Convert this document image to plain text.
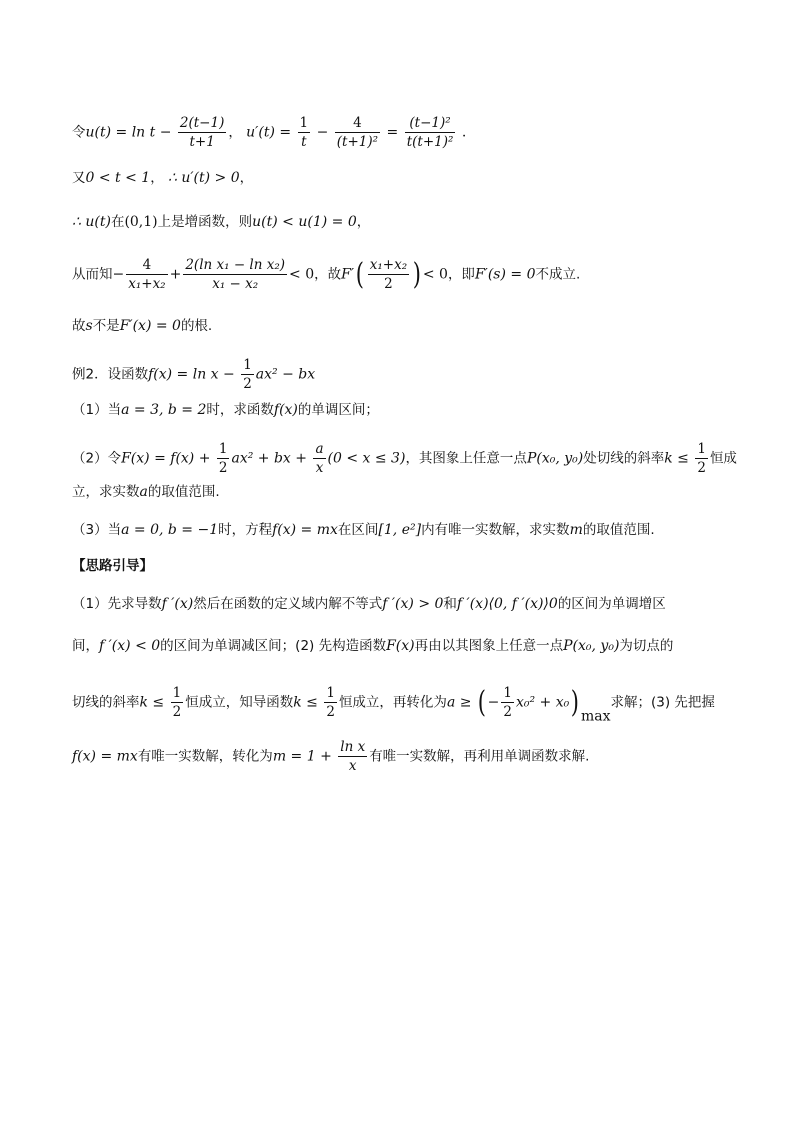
令$u(t) = \ln t - \frac{2(t-1)}{t+1}$ ， $u'(t) = \frac{1}{t} - \frac{4}{\text{(t+1)²}} = \frac{\text{(t−1)²}}{\text{t(t+1)²}}$ .
又0 < t < 1， ∴ u′(t) > 0，
∴ u(t)在(0,1)上是增函数，则u(t) < u(1) = 0，
从而知− $\frac{4}{\text{x₁+x₂}} + \frac{\text{2(ln x₁ − ln x₂)}}{\text{x₁ − x₂}} < 0$，故$F'( \frac{\text{x₁+x₂}}{2}$ ) < 0，即F′(s) = 0不成立.
故s不是F′(x) = 0的根.
例2．设函数$f(x) = \ln x - \frac{1}{2} ax^2$ − bx
（1）当a = 3, b = 2时，求函数f(x)的单调区间；
（2）令$F(x) = f(x) + \frac{1}{2} ax^2$ + bx + $\frac{a}{x} (0 < x \le 3)$，其图象上任意一点P(x₀, y₀)处切线的斜率$k \le \frac{1}{2}$ 恒成
立，求实数a的取值范围.
（3）当a = 0, b = −1时，方程f(x) = mx在区间[1, e²]内有唯一实数解，求实数m的取值范围.
【思路引导】
（1）先求导数f ′(x)然后在函数的定义域内解不等式f ′(x) > 0和f ′(x)⟨0, f ′(x)⟩0的区间为单调增区
间，f ′(x) < 0的区间为单调减区间；(2) 先构造函数F(x)再由以其图象上任意一点P(x₀, y₀)为切点的
切线的斜率$k \le \frac{1}{2}$ 恒成立，知导函数$k \le \frac{1}{2}$ 恒成立，再转化为a ≥ ( − $\frac{1}{2} x_0^2 + x_0$) $_{max}$求解；(3) 先把握
f(x) = mx有唯一实数解，转化为$m = 1 + \frac{\text{ln x}}{x}$ 有唯一实数解，再利用单调函数求解.
